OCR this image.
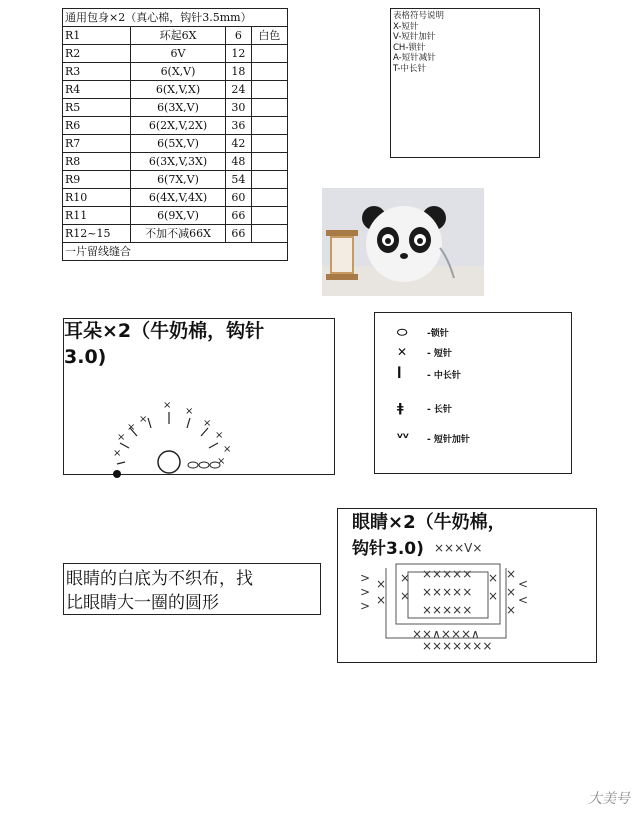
通用包身×2（真心棉，钩针3.5mm）			
R1	环起6X	6	白色
R2	6V	12	
R3	6(X,V)	18	
R4	6(X,V,X)	24	
R5	6(3X,V)	30	
R6	6(2X,V,2X)	36	
R7	6(5X,V)	42	
R8	6(3X,V,3X)	48	
R9	6(7X,V)	54	
R10	6(4X,V,4X)	60	
R11	6(9X,V)	66	
R12~15	不加不减66X	66	
一片留线缝合			
表格符号说明
X-短针
V-短针加针
CH-锁针
A-短针减针
T-中长针
耳朵×2（牛奶棉，钩针
3.0)
×
×
×
×
×
×
×
×
×
×
⬭	-锁针
✕	- 短针
ꟾ	- 中长针
ǂ	- 长针
ⱽⱽ	- 短针加针
眼睛×2（牛奶棉，
钩针3.0) ×××V×
×××××
×××××
×××××
××∧×××∧
×××××××
>
>
>
×
×
×
×
×
<
<
×
×
×
×
眼睛的白底为不织布，找
比眼睛大一圈的圆形
大美号
